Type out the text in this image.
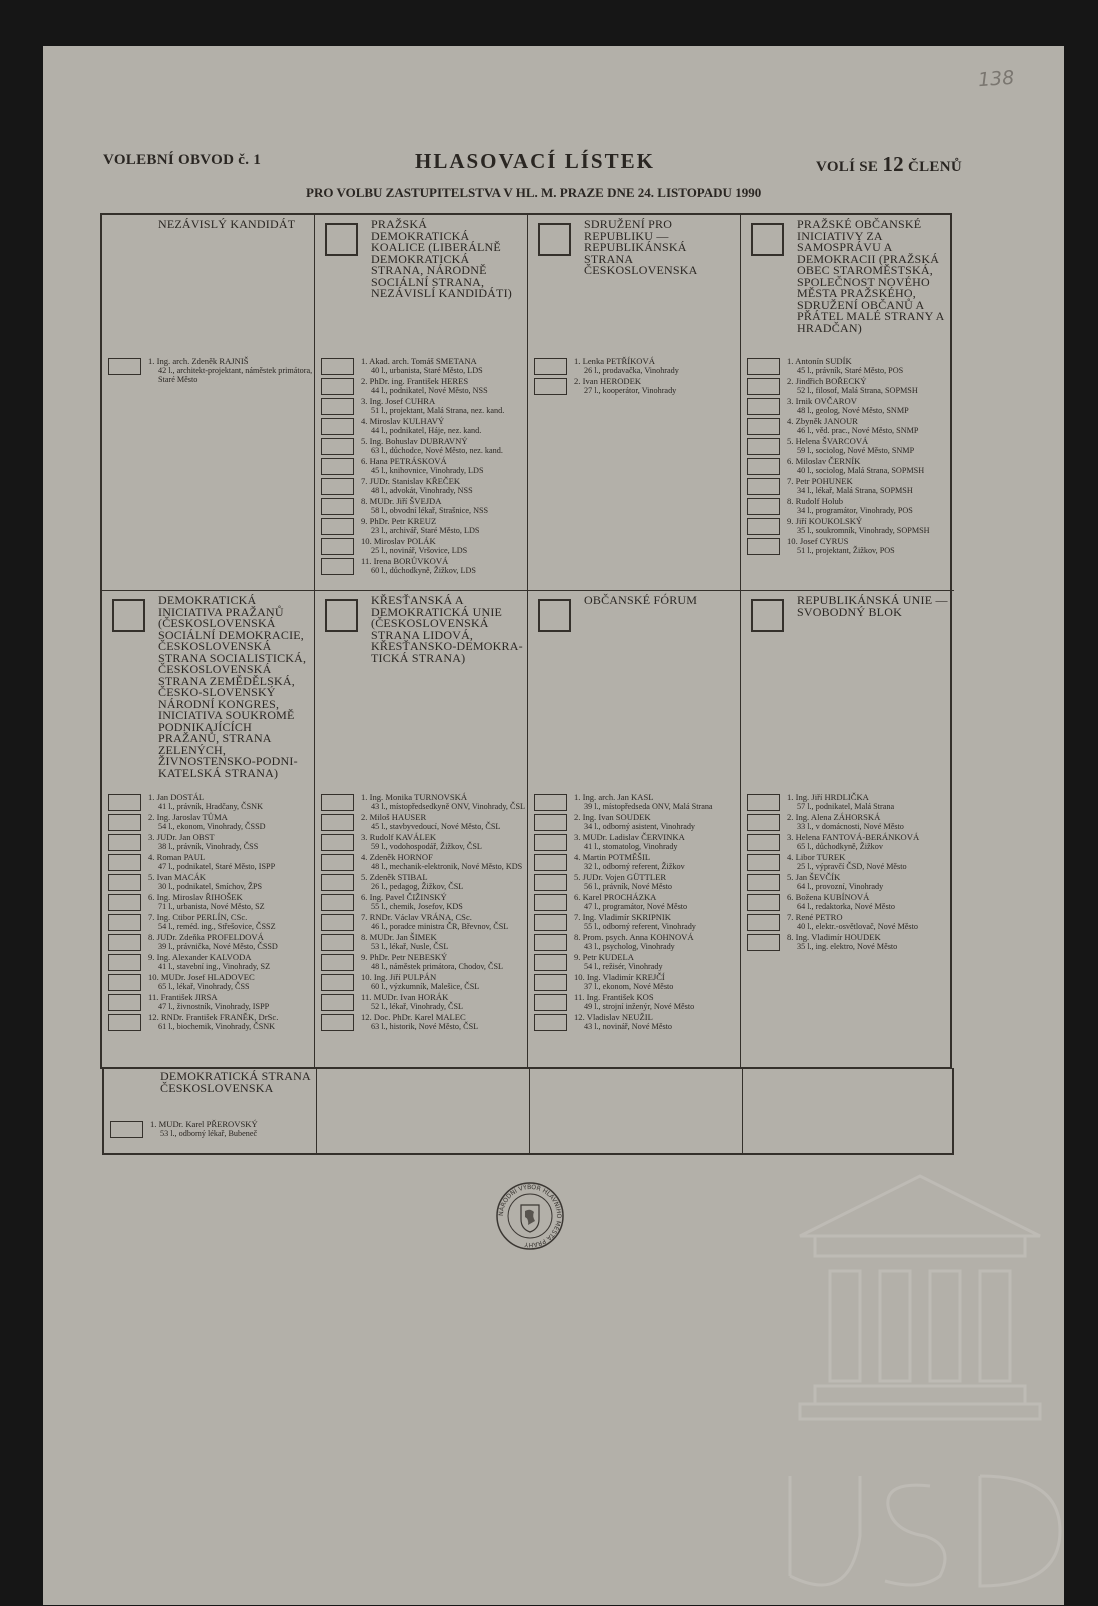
138
VOLEBNÍ OBVOD č. 1	HLASOVACÍ LÍSTEK	VOLÍ SE 12 ČLENŮ
PRO VOLBU ZASTUPITELSTVA V HL. M. PRAZE DNE 24. LISTOPADU 1990
NEZÁVISLÝ KANDIDÁT
1. Ing. arch. Zdeněk RAJNIŠ
42 l., architekt-projektant, náměstek primátora, Staré Město
PRAŽSKÁ DEMOKRATICKÁ KOALICE (LIBERÁLNĚ DEMOKRATICKÁ STRANA, NÁRODNĚ SOCIÁLNÍ STRANA, NEZÁVISLÍ KANDIDÁTI)
1. Akad. arch. Tomáš SMETANA
40 l., urbanista, Staré Město, LDS
2. PhDr. ing. František HERES
44 l., podnikatel, Nové Město, NSS
3. Ing. Josef CUHRA
51 l., projektant, Malá Strana, nez. kand.
4. Miroslav KULHAVÝ
44 l., podnikatel, Háje, nez. kand.
5. Ing. Bohuslav DUBRAVNÝ
63 l., důchodce, Nové Město, nez. kand.
6. Hana PETRÁSKOVÁ
45 l., knihovnice, Vinohrady, LDS
7. JUDr. Stanislav KŘEČEK
48 l., advokát, Vinohrady, NSS
8. MUDr. Jiří ŠVEJDA
58 l., obvodní lékař, Strašnice, NSS
9. PhDr. Petr KREUZ
23 l., archivář, Staré Město, LDS
10. Miroslav POLÁK
25 l., novinář, Vršovice, LDS
11. Irena BORŮVKOVÁ
60 l., důchodkyně, Žižkov, LDS
SDRUŽENÍ PRO REPUBLIKU — REPUBLIKÁNSKÁ STRANA ČESKOSLOVENSKA
1. Lenka PETŘÍKOVÁ
26 l., prodavačka, Vinohrady
2. Ivan HERODEK
27 l., kooperátor, Vinohrady
PRAŽSKÉ OBČANSKÉ INICIATIVY ZA SAMOSPRÁVU A DEMOKRACII (PRAŽSKÁ OBEC STAROMĚSTSKÁ, SPOLEČNOST NOVÉHO MĚSTA PRAŽSKÉHO, SDRUŽENÍ OBČANŮ A PŘÁTEL MALÉ STRANY A HRADČAN)
1. Antonín SUDÍK
45 l., právník, Staré Město, POS
2. Jindřich BOŘECKÝ
52 l., filosof, Malá Strana, SOPMSH
3. Irnik OVČAROV
48 l., geolog, Nové Město, SNMP
4. Zbyněk JANOUR
46 l., věd. prac., Nové Město, SNMP
5. Helena ŠVARCOVÁ
59 l., sociolog, Nové Město, SNMP
6. Miloslav ČERNÍK
40 l., sociolog, Malá Strana, SOPMSH
7. Petr POHUNEK
34 l., lékař, Malá Strana, SOPMSH
8. Rudolf Holub
34 l., programátor, Vinohrady, POS
9. Jiří KOUKOLSKÝ
35 l., soukromník, Vinohrady, SOPMSH
10. Josef CYRUS
51 l., projektant, Žižkov, POS
DEMOKRATICKÁ INICIATIVA PRAŽANŮ (ČESKOSLOVENSKÁ SOCIÁLNÍ DEMOKRACIE, ČESKOSLOVENSKÁ STRANA SOCIALISTICKÁ, ČESKOSLOVENSKÁ STRANA ZEMĚDĚLSKÁ, ČESKO-SLOVENSKÝ NÁRODNÍ KONGRES, INICIATIVA SOUKROMĚ PODNIKAJÍCÍCH PRAŽANŮ, STRANA ZELENÝCH, ŽIVNOSTENSKO-PODNI-KATELSKÁ STRANA)
1. Jan DOSTÁL
41 l., právník, Hradčany, ČSNK
2. Ing. Jaroslav TŮMA
54 l., ekonom, Vinohrady, ČSSD
3. JUDr. Jan OBST
38 l., právník, Vinohrady, ČSS
4. Roman PAUL
47 l., podnikatel, Staré Město, ISPP
5. Ivan MACÁK
30 l., podnikatel, Smíchov, ŽPS
6. Ing. Miroslav ŘIHOŠEK
71 l., urbanista, Nové Město, SZ
7. Ing. Ctibor PERLÍN, CSc.
54 l., reméd. ing., Střešovice, ČSSZ
8. JUDr. Zdeňka PROFELDOVÁ
39 l., právnička, Nové Město, ČSSD
9. Ing. Alexander KALVODA
41 l., stavební ing., Vinohrady, SZ
10. MUDr. Josef HLADOVEC
65 l., lékař, Vinohrady, ČSS
11. František JIRSA
47 l., živnostník, Vinohrady, ISPP
12. RNDr. František FRANĚK, DrSc.
61 l., biochemik, Vinohrady, ČSNK
KŘESŤANSKÁ A DEMOKRATICKÁ UNIE (ČESKOSLOVENSKÁ STRANA LIDOVÁ, KŘESŤANSKO-DEMOKRA-TICKÁ STRANA)
1. Ing. Monika TURNOVSKÁ
43 l., místopředsedkyně ONV, Vinohrady, ČSL
2. Miloš HAUSER
45 l., stavbyvedoucí, Nové Město, ČSL
3. Rudolf KAVÁLEK
59 l., vodohospodář, Žižkov, ČSL
4. Zdeněk HORNOF
48 l., mechanik-elektronik, Nové Město, KDS
5. Zdeněk STIBAL
26 l., pedagog, Žižkov, ČSL
6. Ing. Pavel ČIŽINSKÝ
55 l., chemik, Josefov, KDS
7. RNDr. Václav VRÁNA, CSc.
46 l., poradce ministra ČR, Břevnov, ČSL
8. MUDr. Jan ŠIMEK
53 l., lékař, Nusle, ČSL
9. PhDr. Petr NEBESKÝ
48 l., náměstek primátora, Chodov, ČSL
10. Ing. Jiří PULPÁN
60 l., výzkumník, Malešice, ČSL
11. MUDr. Ivan HORÁK
52 l., lékař, Vinohrady, ČSL
12. Doc. PhDr. Karel MALEC
63 l., historik, Nové Město, ČSL
OBČANSKÉ FÓRUM
1. Ing. arch. Jan KASL
39 l., místopředseda ONV, Malá Strana
2. Ing. Ivan SOUDEK
34 l., odborný asistent, Vinohrady
3. MUDr. Ladislav ČERVINKA
41 l., stomatolog, Vinohrady
4. Martin POTMĚŠIL
32 l., odborný referent, Žižkov
5. JUDr. Vojen GÜTTLER
56 l., právník, Nové Město
6. Karel PROCHÁZKA
47 l., programátor, Nové Město
7. Ing. Vladimír SKRIPNIK
55 l., odborný referent, Vinohrady
8. Prom. psych. Anna KOHNOVÁ
43 l., psycholog, Vinohrady
9. Petr KUDELA
54 l., režisér, Vinohrady
10. Ing. Vladimír KREJČÍ
37 l., ekonom, Nové Město
11. Ing. František KOS
49 l., strojní inženýr, Nové Město
12. Vladislav NEUŽIL
43 l., novinář, Nové Město
REPUBLIKÁNSKÁ UNIE — SVOBODNÝ BLOK
1. Ing. Jiří HRDLIČKA
57 l., podnikatel, Malá Strana
2. Ing. Alena ZÁHORSKÁ
33 l., v domácnosti, Nové Město
3. Helena FANTOVÁ-BERÁNKOVÁ
65 l., důchodkyně, Žižkov
4. Libor TUREK
25 l., výpravčí ČSD, Nové Město
5. Jan ŠEVČÍK
64 l., provozní, Vinohrady
6. Božena KUBÍNOVÁ
64 l., redaktorka, Nové Město
7. René PETRO
40 l., elektr.-osvětlovač, Nové Město
8. Ing. Vladimír HOUDEK
35 l., ing. elektro, Nové Město
DEMOKRATICKÁ STRANA ČESKOSLOVENSKA
1. MUDr. Karel PŘEROVSKÝ
53 l., odborný lékař, Bubeneč
NÁRODNÍ VÝBOR HLAVNÍHO MĚSTA PRAHY
ÚSD
